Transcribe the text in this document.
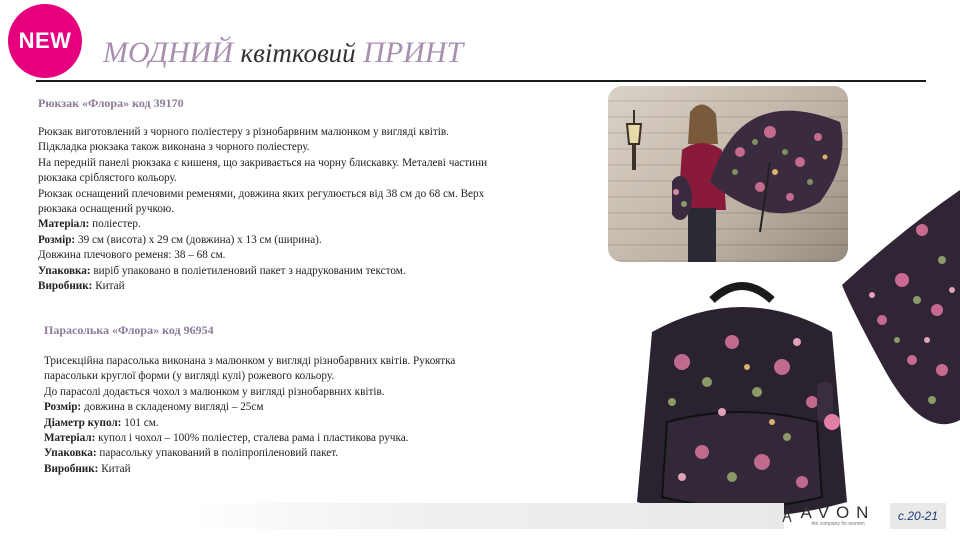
NEW МОДНИЙ квітковий ПРИНТ
Рюкзак «Флора» код 39170
Рюкзак виготовлений з чорного поліестеру з різнобарвним малюнком у вигляді квітів.
Підкладка рюкзака також виконана з чорного поліестеру.
На передній панелі рюкзака є кишеня, що закривається на чорну блискавку. Металеві частини
рюкзака сріблястого кольору.
Рюкзак оснащений плечовими ременями, довжина яких регулюється від 38 см до 68 см. Верх
рюкзака оснащений ручкою.
Матеріал: поліестер.
Розмір: 39 см (висота) х 29 см (довжина) х 13 см (ширина).
Довжина плечового ременя: 38 – 68 см.
Упаковка: виріб упаковано в поліетиленовий пакет з надрукованим текстом.
Виробник: Китай
Парасолька «Флора» код 96954
Трисекційна парасолька виконана з малюнком у вигляді різнобарвних квітів. Рукоятка
парасольки круглої форми (у вигляді кулі) рожевого кольору.
До парасолі додається чохол з малюнком у вигляді різнобарвних квітів.
Розмір: довжина в складеному вигляді – 25см
Діаметр купол: 101 см.
Матеріал: купол і чохол – 100% поліестер, сталева рама і пластикова ручка.
Упаковка: парасольку упакований в поліпропіленовий пакет.
Виробник: Китай
AVON
the company for women
с.20-21
